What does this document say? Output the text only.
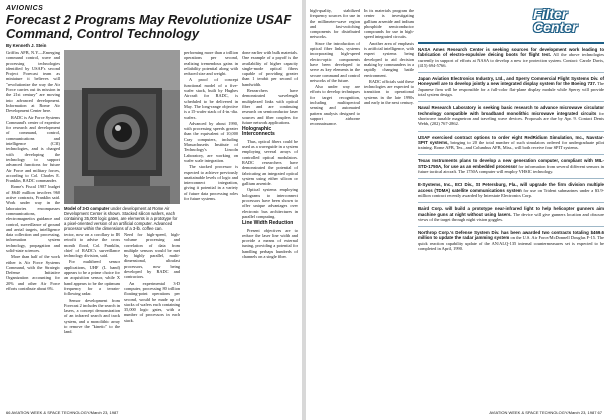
AVIONICS
Forecast 2 Programs May Revolutionize USAF Command, Control Technology
By Kenneth J. Stein

Griffiss AFB, N.Y.—Emerging command control, wave and processing technologies identified by USAF's second Project Forecast team as miniature it believes will "revolutionize the way the Air Force carries out its mission in the 21st century" are moving into advanced development. Information at Rome Air Development Center here.

RADC is Air Force Systems Command's center of expertise for research and development of command, control, communications and intelligence (C3I) technologies, and is charged with developing the technology to support advanced functions for future Air Force and military forces, according to Col. Charles E. Franklin, RADC commander.

Rome's Fiscal 1987 budget of $640 million involves 960 active contracts, Franklin said. Work under way in the laboratories encompasses communications, electromagnetics guidance and control, surveillance of ground and aerial targets, intelligence data collection and processing, information system technology, propagation and solid-state sciences.

More than half of the work either is Air Force Systems Command, with the Strategic Defense Initiative Organization accounting for 20% and other Air Force efforts contribute about 6%.

Model of 3-D computer under development at Rome Air Development Center is shown. Stacked silicon wafers, each containing 35,000 logic gates, are elements in a prototype for a pixel-oriented version of an artificial computer. Advanced processor within the dimensions of a 3-lb. coffee can.

tector, now on a corollary to IR retrofit to advise the cross month flood, Col. Franklin, chief of RADC's surveillance technology division, said.

For multibeed sensor applications, UHF (L band) appears to be a prime choice for an acquisition sensor, while X band appears to be the optimum frequency for a terrain-following radar.

Sensor development from Forecast 2 includes the search in lasers, a concept demonstration of an infrared search and track system, and a monolithic array to remove the "kinetic" to the land.

Need for high-speed, high-volume processing and correlation of data from multiple sensors would be met by highly parallel, multi-dimensional, ultrafast processors, now being developed by RADC and contractors.

An experimental 3-D computer, processing 80 trillion floating-point operations per second, would be made up of stacks of wafers each containing 35,000 logic gates, with a number of processors in each stack.

performing more than a trillion operations per second, realizing tremendous gains in reliability potential along with reduced size and weight.

A proof of concept functional model of a five-wafer stack, built by Hughes Aircraft for RADC, is scheduled to be delivered in May. The long-range objective is a 15-wafer stack of 4-in.-dia. wafers.

Advanced by about 1990, with processing speeds greater than the equivalent of 10,000 Cray computers, including Massachusetts Institute of Technology's Lincoln Laboratory, are working on wafer scale integration.

The stacked processor is expected to achieve previously unattainable levels of logic and interconnect integration, giving it potential in a variety of future data processing roles for future systems.

done earlier with bulk materials. One example of a payoff is the availability of higher capacity single-mode optical fibers capable of providing greater than 1 terabit per second of bandwidth.

Researchers have demonstrated wavelength multiplexed links with optical fiber and are continuing research on semiconductor laser sources and fiber couplers for future network applications.

Holographic Interconnects

Thus, optical fibers could be used as a waveguide in a system employing several arrays of controlled optical modulators. RADC researchers have demonstrated the potential of fabricating an integrated optical system using either silicon or gallium arsenide.

Optical systems employing holograms to interconnect processors have been shown to offer unique advantages over electronic bus architectures in parallel computing.

Line Width Reduction

Present objectives are to reduce the laser line width and provide a means of external tuning, providing a potential for handling perhaps hundreds of channels on a single fiber.

66 AVIATION WEEK & SPACE TECHNOLOGY/March 23, 1987

high-quality, stabilized frequency sources for use in the millimeter-wave region and fast-switching components for distributed networks.

Since the introduction of optical fiber links, systems incorporating high-speed electro-optic components have been developed to serve as key elements in the secure command and control networks of the future.

Also under way are efforts to develop techniques for target recognition, including multispectral sensing and automated pattern analysis designed to support airborne reconnaissance.

In its materials program the center is investigating gallium arsenide and indium phosphide semiconductor compounds for use in high-speed integrated circuits.

Another area of emphasis is artificial intelligence, with expert systems being developed to aid decision making by commanders in a rapidly changing battle environment.

RADC officials said these technologies are expected to transition to operational systems in the late 1990s and early in the next century.

Filter Center
NASA Ames Research Center is seeking sources for development work leading to fabrication of electro-expulsive deicing boots for flight test. All the above technologies currently in support of efforts at NASA to develop a new ice protection system. Contact: Carole Davis, (415) 694-5766.
Japan Aviation Electronics Industry, Ltd., and Sperry Commercial Flight Systems Div. of Honeywell are to develop jointly a new integrated display system for the Boeing 737. The Japanese firm will be responsible for a full-color flat-plane display module while Sperry will provide total system design.
Naval Research Laboratory is seeking basic research to advance microwave circulator technology compatible with broadband monolithic microwave integrated circuits for shortwave tunable magnetron and traveling wave devices. Proposals are due by Apr. 9. Contact Denis Webb, (202) 767-2862.
USAF exercised contract options to order eight RedRidium Simulation, Inc., Navstar-SPIT systems, bringing to 20 the total number of such simulators ordered for undergraduate pilot training. Rome AFB, Tex., and Columbus AFB, Miss., will both receive four SPIT systems.
Texas Instruments plans to develop a new generation computer, compliant with MIL-STD-1750A, for use as an embedded processor for information from several different sensors in future tactical aircraft. The 1750A computer will employ VHSIC technology.
E-Systems, Inc., ECI Div., St Petersburg, Fla., will upgrade the firm division multiple access (TDMA) satellite communications system for use on Trident submarines under a $3.9-million contract recently awarded by Interstate Electronics Corp.
Baird Corp. will build a prototype near-infrared light to help helicopter gunners aim machine guns at night without using lasers. The device will give gunners location and obscure views of the target through night vision goggles.
Northrop Corp.'s Defense System Div. has been awarded two contracts totaling $469.6 million to update the radar jamming system on the U.S. Air Force/McDonnell Douglas F-15. The quick reaction capability update of the AN/ALQ-135 internal countermeasures set is expected to be completed in April, 1990.
AVIATION WEEK & SPACE TECHNOLOGY/March 23, 1987 67
